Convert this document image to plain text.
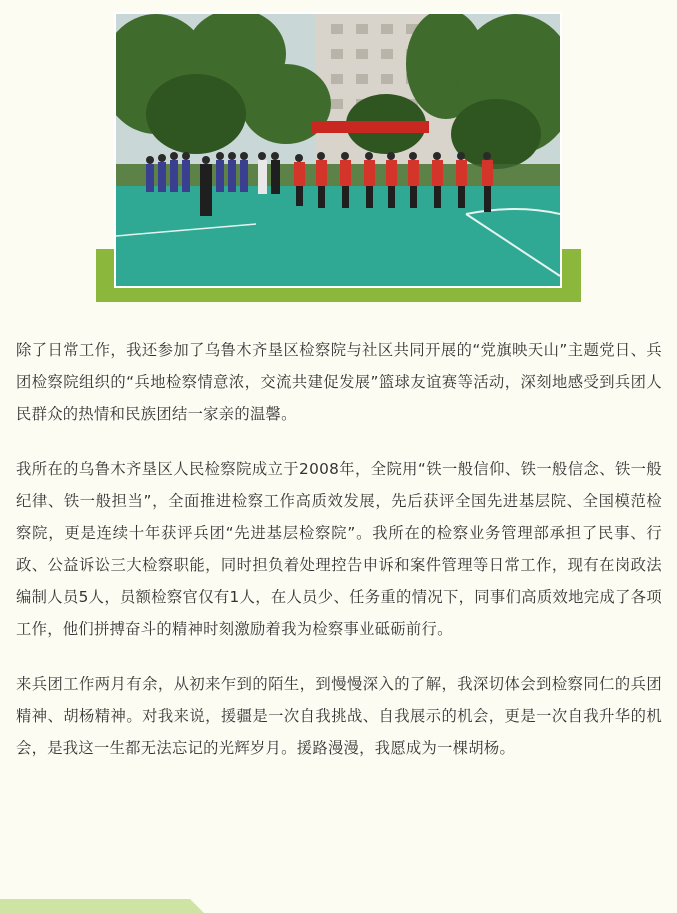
除了日常工作，我还参加了乌鲁木齐垦区检察院与社区共同开展的“党旗映天山”主题党日、兵团检察院组织的“兵地检察情意浓，交流共建促发展”篮球友谊赛等活动，深刻地感受到兵团人民群众的热情和民族团结一家亲的温馨。

我所在的乌鲁木齐垦区人民检察院成立于2008年，全院用“铁一般信仰、铁一般信念、铁一般纪律、铁一般担当”，全面推进检察工作高质效发展，先后获评全国先进基层院、全国模范检察院，更是连续十年获评兵团“先进基层检察院”。我所在的检察业务管理部承担了民事、行政、公益诉讼三大检察职能，同时担负着处理控告申诉和案件管理等日常工作，现有在岗政法编制人员5人，员额检察官仅有1人，在人员少、任务重的情况下，同事们高质效地完成了各项工作，他们拼搏奋斗的精神时刻激励着我为检察事业砥砺前行。

来兵团工作两月有余，从初来乍到的陌生，到慢慢深入的了解，我深切体会到检察同仁的兵团精神、胡杨精神。对我来说，援疆是一次自我挑战、自我展示的机会，更是一次自我升华的机会，是我这一生都无法忘记的光辉岁月。援路漫漫，我愿成为一棵胡杨。
